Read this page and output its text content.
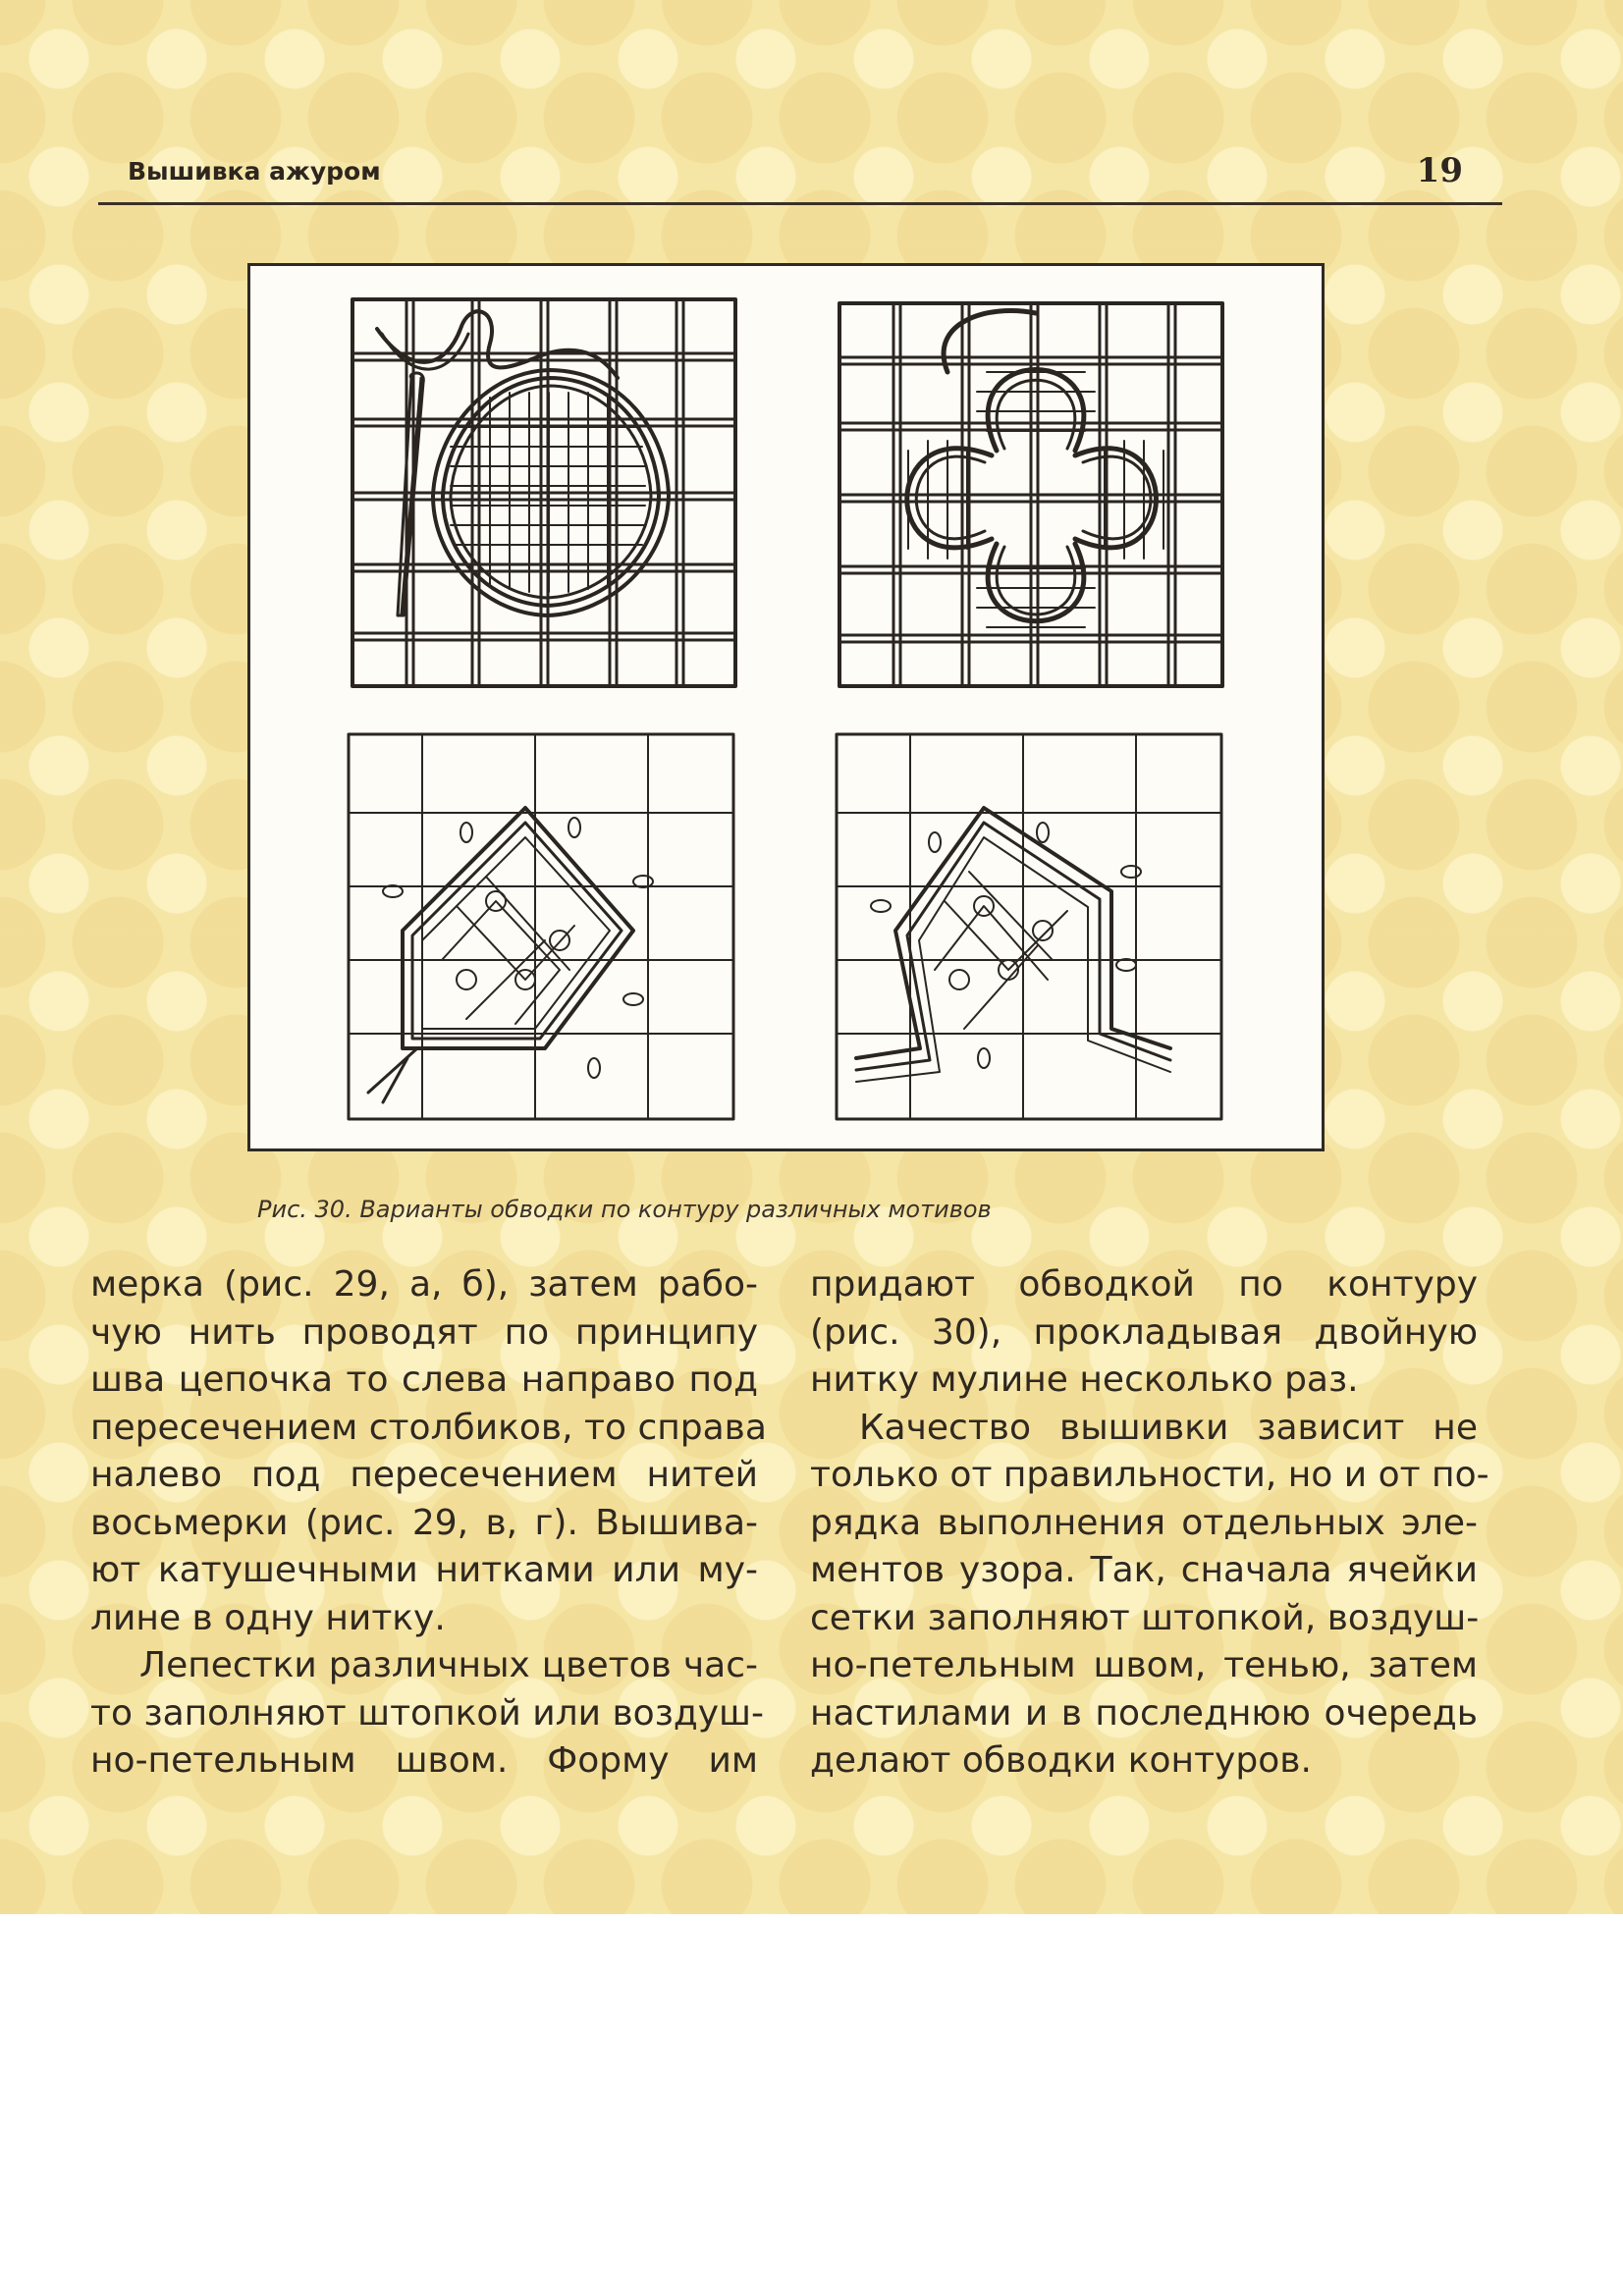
Вышивка ажуром	19
Рис. 30. Варианты обводки по контуру различных мотивов
мерка (рис. 29, а, б), затем рабо-
чую нить проводят по принципу
шва цепочка то слева направо под
пересечением столбиков, то справа
налево под пересечением нитей
восьмерки (рис. 29, в, г). Вышива-
ют катушечными нитками или му-
лине в одну нитку.
Лепестки различных цветов час-
то заполняют штопкой или воздуш-
но-петельным швом. Форму им
придают обводкой по контуру
(рис. 30), прокладывая двойную
нитку мулине несколько раз.
Качество вышивки зависит не
только от правильности, но и от по-
рядка выполнения отдельных эле-
ментов узора. Так, сначала ячейки
сетки заполняют штопкой, воздуш-
но-петельным швом, тенью, затем
настилами и в последнюю очередь
делают обводки контуров.
